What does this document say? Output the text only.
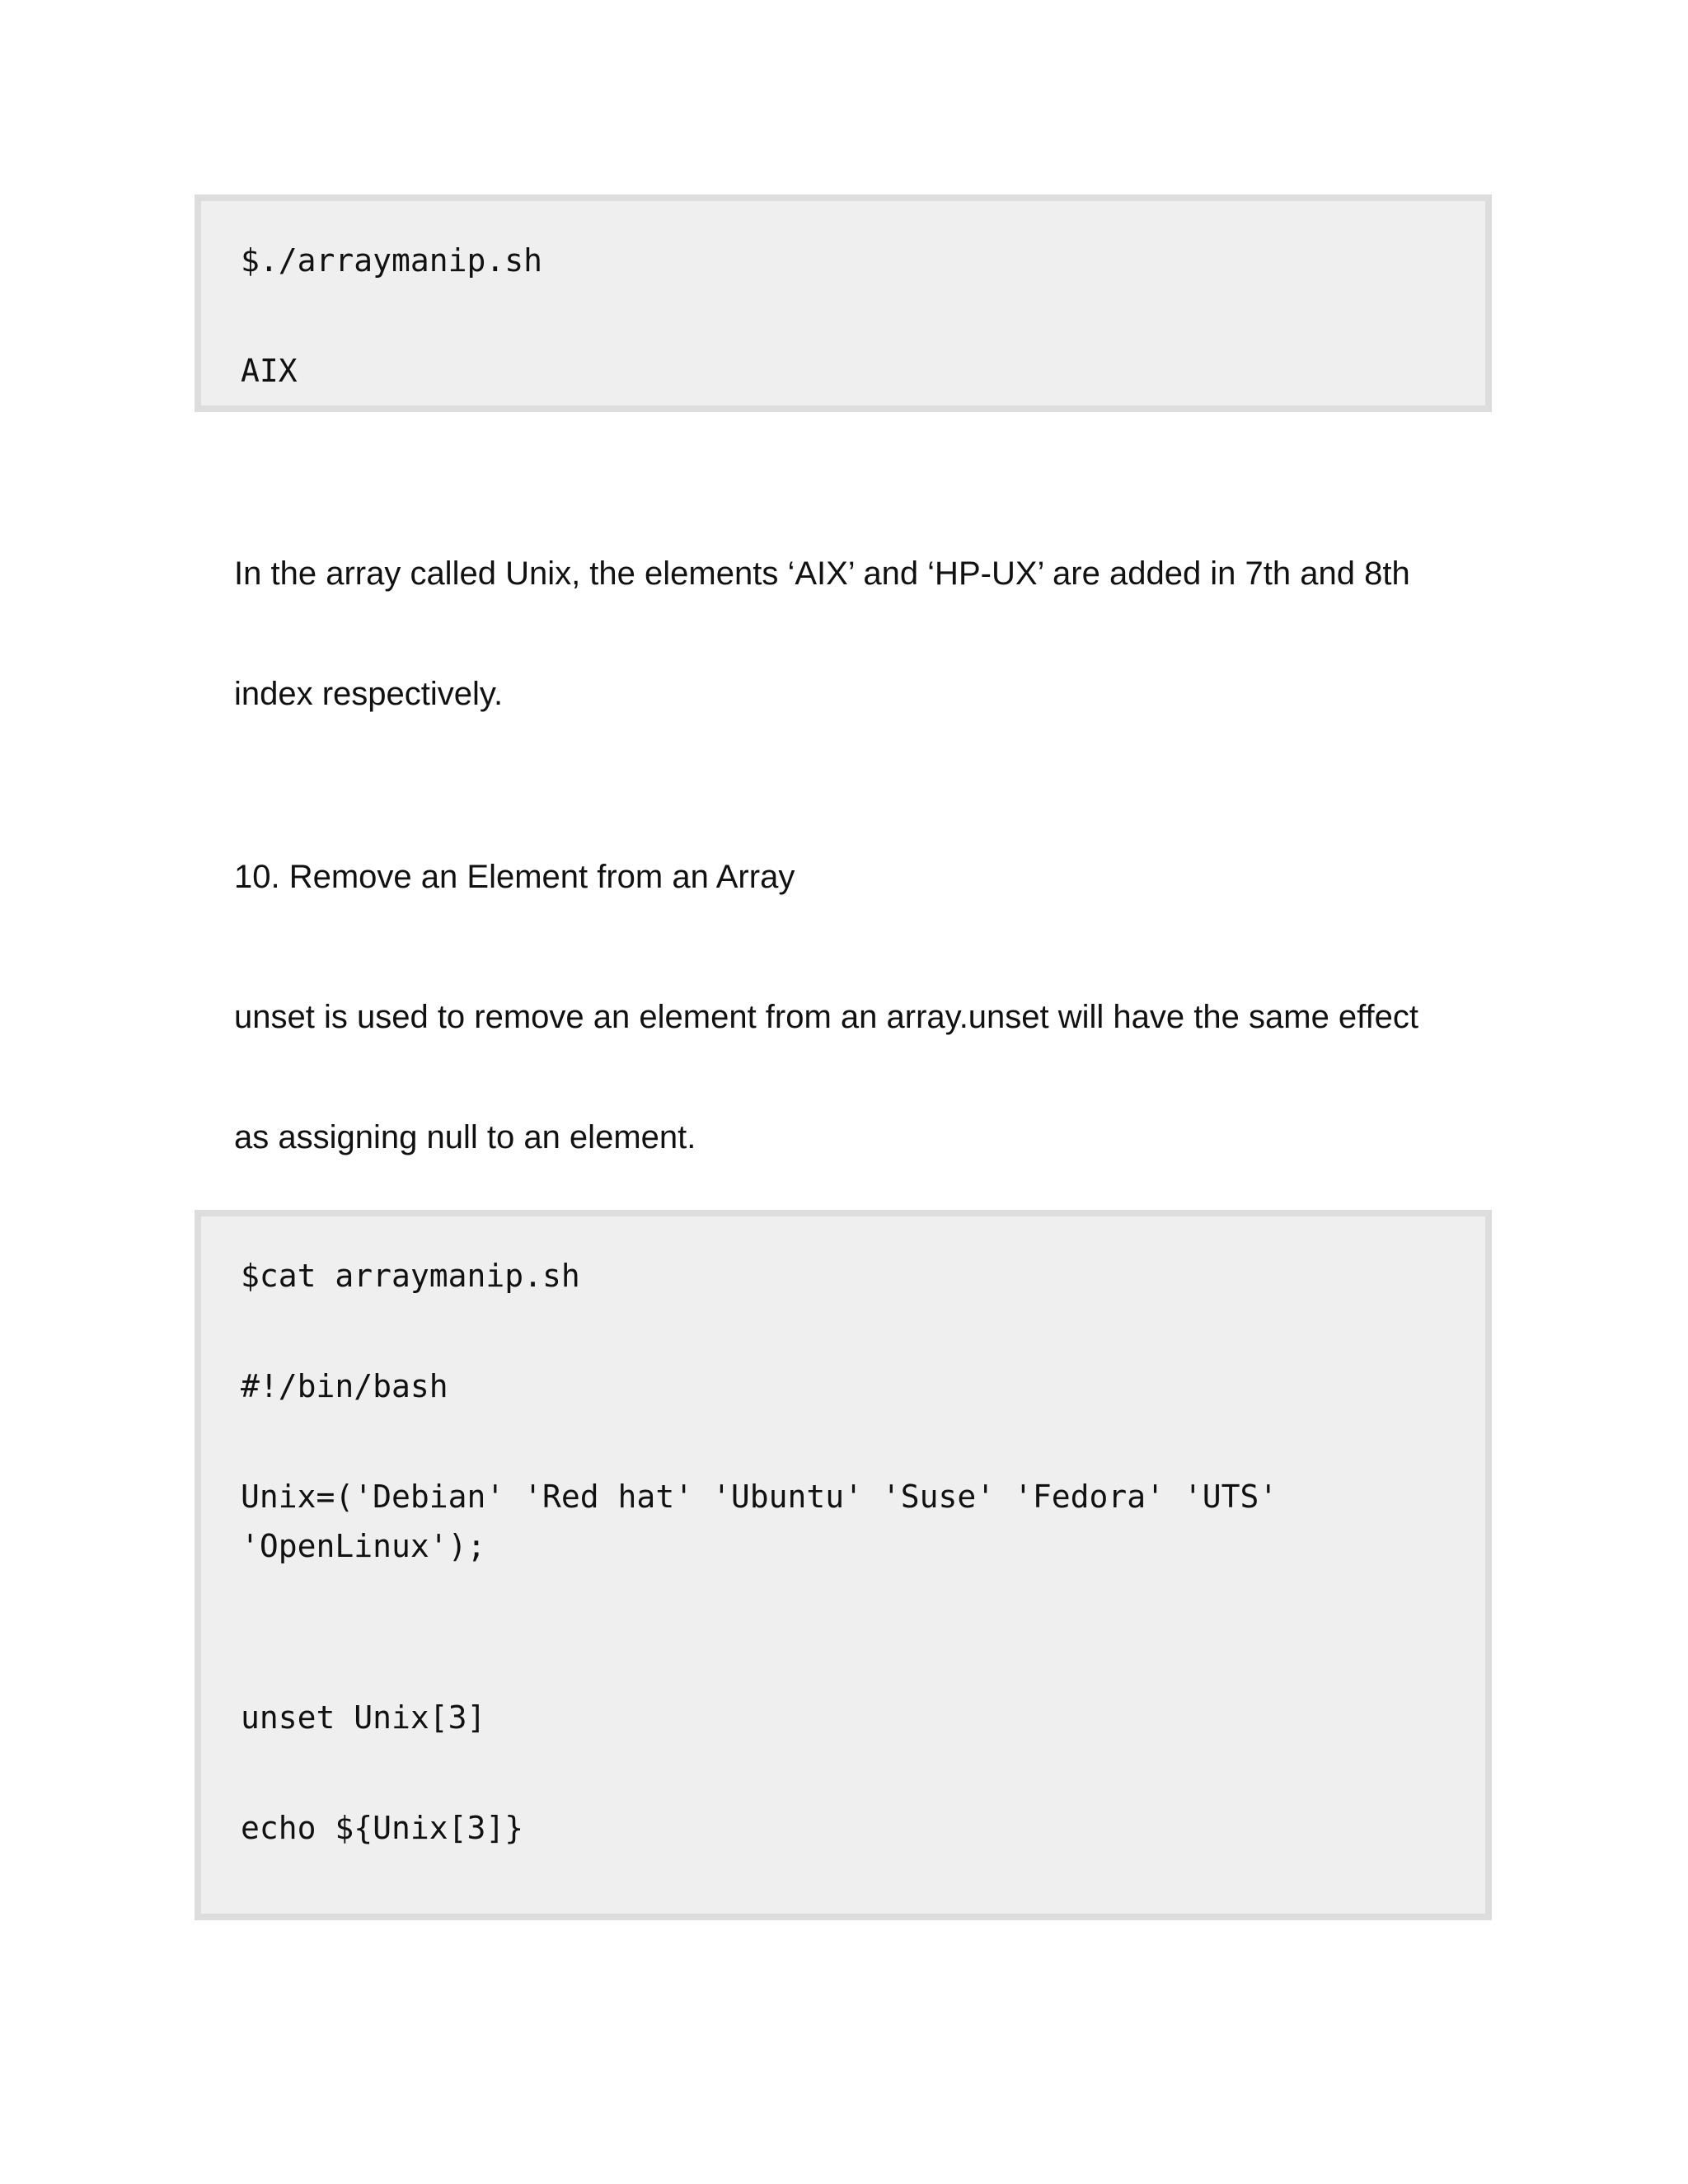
$./arraymanip.sh
AIX
In the array called Unix, the elements ‘AIX’ and ‘HP-UX’ are added in 7th and 8th
index respectively.
10. Remove an Element from an Array
unset is used to remove an element from an array.unset will have the same effect
as assigning null to an element.
$cat arraymanip.sh
#!/bin/bash
Unix=('Debian' 'Red hat' 'Ubuntu' 'Suse' 'Fedora' 'UTS' 'OpenLinux');
unset Unix[3]
echo ${Unix[3]}
